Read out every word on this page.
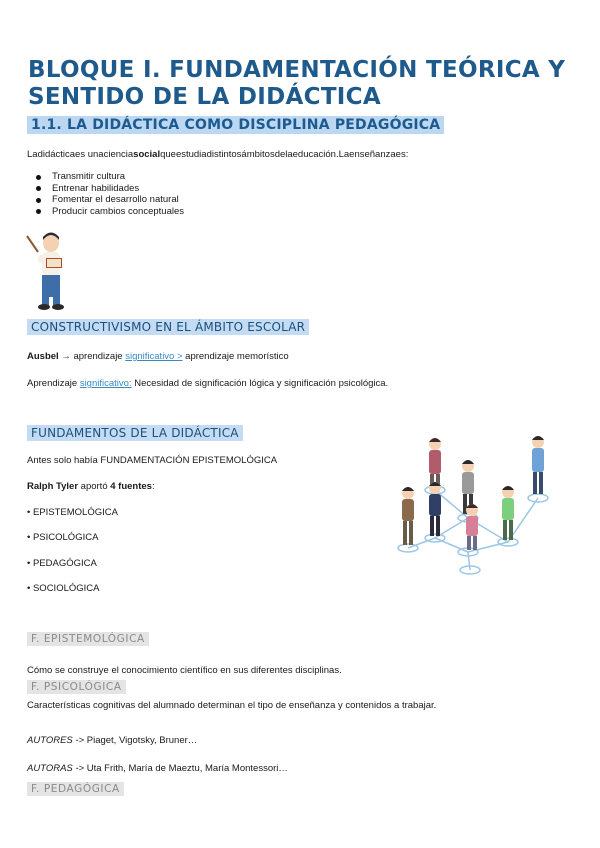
BLOQUE I. FUNDAMENTACIÓN TEÓRICA Y SENTIDO DE LA DIDÁCTICA
1.1. LA DIDÁCTICA COMO DISCIPLINA PEDAGÓGICA
Ladidácticaes unacienciasocialqueestudiadistintosámbitosdelaeducación.Laenseñanzaes:
Transmitir cultura
Entrenar habilidades
Fomentar el desarrollo natural
Producir cambios conceptuales
CONSTRUCTIVISMO EN EL ÁMBITO ESCOLAR
Ausbel → aprendizaje significativo > aprendizaje memorístico
Aprendizaje significativo: Necesidad de significación lógica y significación psicológica.
FUNDAMENTOS DE LA DIDÁCTICA
Antes solo había FUNDAMENTACIÓN EPISTEMOLÓGICA
Ralph Tyler aportó 4 fuentes:
• EPISTEMOLÓGICA
• PSICOLÓGICA
• PEDAGÓGICA
• SOCIOLÓGICA
F. EPISTEMOLÓGICA
Cómo se construye el conocimiento científico en sus diferentes disciplinas.
F. PSICOLÓGICA
Características cognitivas del alumnado determinan el tipo de enseñanza y contenidos a trabajar.
AUTORES -> Piaget, Vigotsky, Bruner…
AUTORAS -> Uta Frith, María de Maeztu, María Montessori…
F. PEDAGÓGICA
